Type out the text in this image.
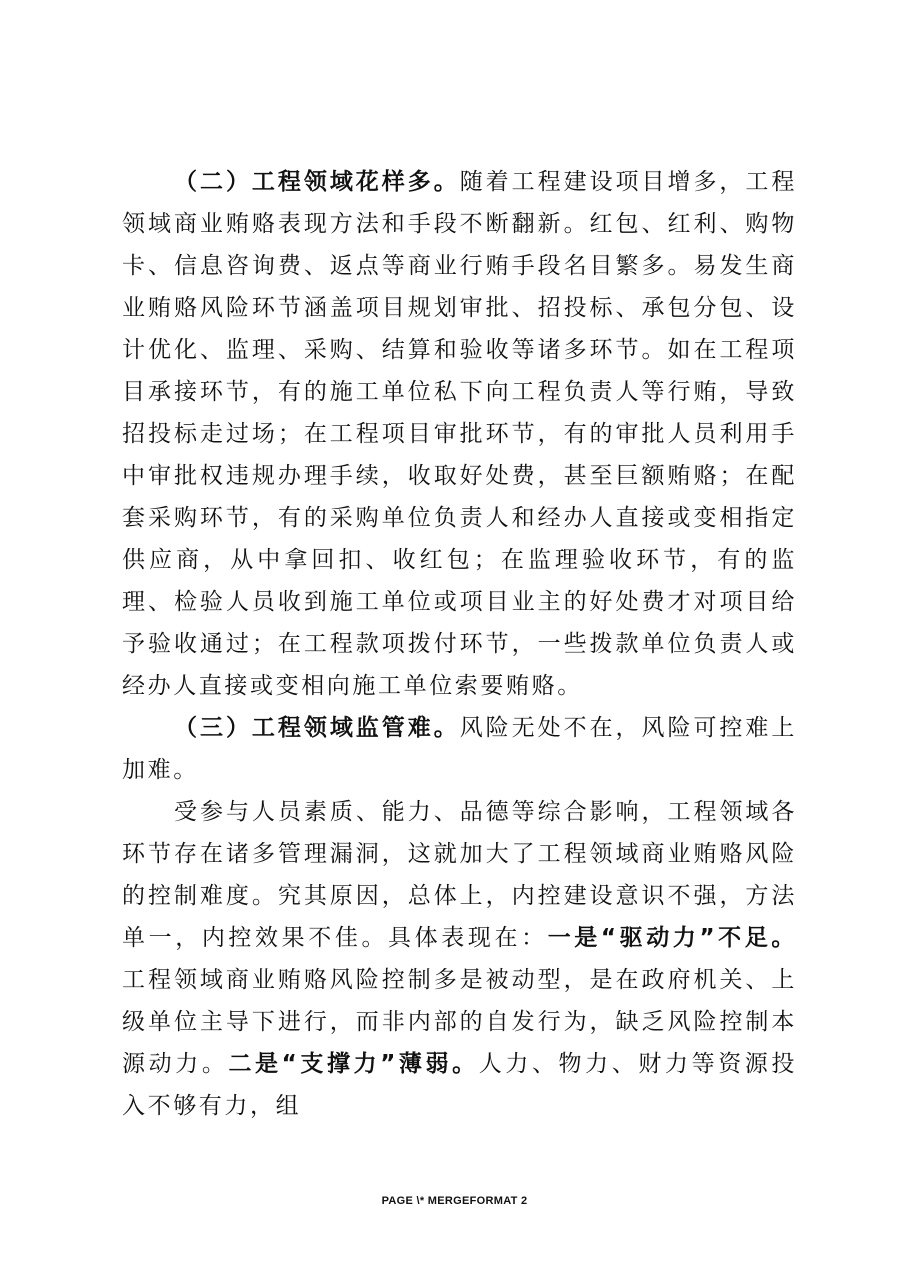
（二）工程领域花样多。随着工程建设项目增多，工程领域商业贿赂表现方法和手段不断翻新。红包、红利、购物卡、信息咨询费、返点等商业行贿手段名目繁多。易发生商业贿赂风险环节涵盖项目规划审批、招投标、承包分包、设计优化、监理、采购、结算和验收等诸多环节。如在工程项目承接环节，有的施工单位私下向工程负责人等行贿，导致招投标走过场；在工程项目审批环节，有的审批人员利用手中审批权违规办理手续，收取好处费，甚至巨额贿赂；在配套采购环节，有的采购单位负责人和经办人直接或变相指定供应商，从中拿回扣、收红包；在监理验收环节，有的监理、检验人员收到施工单位或项目业主的好处费才对项目给予验收通过；在工程款项拨付环节，一些拨款单位负责人或经办人直接或变相向施工单位索要贿赂。

（三）工程领域监管难。风险无处不在，风险可控难上加难。

受参与人员素质、能力、品德等综合影响，工程领域各环节存在诸多管理漏洞，这就加大了工程领域商业贿赂风险的控制难度。究其原因，总体上，内控建设意识不强，方法单一，内控效果不佳。具体表现在：一是“驱动力”不足。工程领域商业贿赂风险控制多是被动型，是在政府机关、上级单位主导下进行，而非内部的自发行为，缺乏风险控制本源动力。二是“支撑力”薄弱。人力、物力、财力等资源投入不够有力，组

PAGE \* MERGEFORMAT 2
